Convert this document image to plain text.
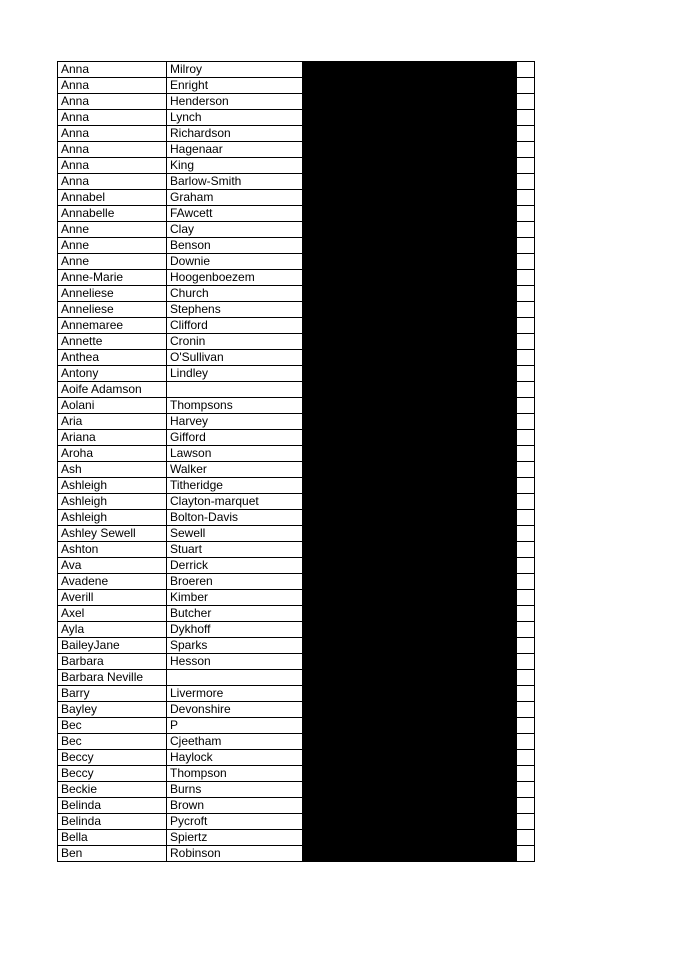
Anna	Milroy		
Anna	Enright		
Anna	Henderson		
Anna	Lynch		
Anna	Richardson		
Anna	Hagenaar		
Anna	King		
Anna	Barlow-Smith		
Annabel	Graham		
Annabelle	FAwcett		
Anne	Clay		
Anne	Benson		
Anne	Downie		
Anne-Marie	Hoogenboezem		
Anneliese	Church		
Anneliese	Stephens		
Annemaree	Clifford		
Annette	Cronin		
Anthea	O'Sullivan		
Antony	Lindley		
Aoife Adamson			
Aolani	Thompsons		
Aria	Harvey		
Ariana	Gifford		
Aroha	Lawson		
Ash	Walker		
Ashleigh	Titheridge		
Ashleigh	Clayton-marquet		
Ashleigh	Bolton-Davis		
Ashley Sewell	Sewell		
Ashton	Stuart		
Ava	Derrick		
Avadene	Broeren		
Averill	Kimber		
Axel	Butcher		
Ayla	Dykhoff		
BaileyJane	Sparks		
Barbara	Hesson		
Barbara Neville			
Barry	Livermore		
Bayley	Devonshire		
Bec	P		
Bec	Cjeetham		
Beccy	Haylock		
Beccy	Thompson		
Beckie	Burns		
Belinda	Brown		
Belinda	Pycroft		
Bella	Spiertz		
Ben	Robinson		
